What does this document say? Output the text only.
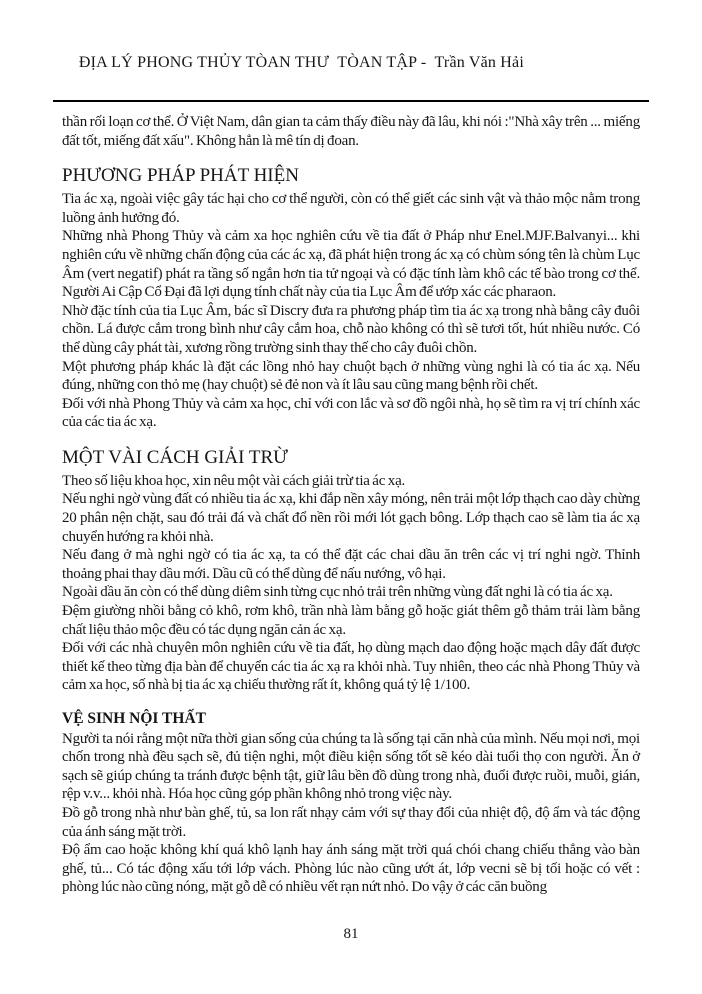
ĐỊA LÝ PHONG THỦY TÒAN THƯ  TÒAN TẬP -  Trần Văn Hải

thần rối loạn cơ thể. Ở Việt Nam, dân gian ta cảm thấy điều này đã lâu, khi nói :"Nhà xây trên ... miếng đất tốt, miếng đất xấu". Không hẳn là mê tín dị đoan.

PHƯƠNG PHÁP PHÁT HIỆN

Tia ác xạ, ngoài việc gây tác hại cho cơ thể người, còn có thể giết các sinh vật và thảo mộc nằm trong luồng ảnh hưởng đó.

Những nhà Phong Thủy và cảm xa học nghiên cứu về tia đất ở Pháp như Enel.MJF.Balvanyi... khi nghiên cứu về những chấn động của các ác xạ, đã phát hiện trong ác xạ có chùm sóng tên là chùm Lục Âm (vert negatif) phát ra tầng số ngắn hơn tia tử ngoại và có đặc tính làm khô các tế bào trong cơ thể. Người Ai Cập Cổ Đại đã lợi dụng tính chất này của tia Lục Âm để ướp xác các pharaon.

Nhờ đặc tính của tia Lục Âm, bác sĩ Discry đưa ra phương pháp tìm tia ác xạ trong nhà bằng cây đuôi chồn. Lá được cắm trong bình như cây cắm hoa, chỗ nào không có thì sẽ tươi tốt, hút nhiều nước. Có thể dùng cây phát tài, xương rồng trường sinh thay thế cho cây đuôi chồn.

Một phương pháp khác là đặt các lồng nhỏ hay chuột bạch ở những vùng nghi là có tia ác xạ. Nếu đúng, những con thỏ mẹ (hay chuột) sẻ đẻ non và ít lâu sau cũng mang bệnh rồi chết.

Đối với nhà Phong Thủy và cảm xa học, chỉ với con lắc và sơ đồ ngôi nhà, họ sẽ tìm ra vị trí chính xác của các tia ác xạ.

MỘT VÀI CÁCH GIẢI TRỪ

Theo số liệu khoa học, xin nêu một vài cách giải trừ tia ác xạ.

Nếu nghi ngờ vùng đất có nhiều tia ác xạ, khi đắp nền xây móng, nên trải một lớp thạch cao dày chừng 20 phân nện chặt, sau đó trải đá và chất đổ nền rồi mới lót gạch bông. Lớp thạch cao sẽ làm tia ác xạ chuyển hướng ra khỏi nhà.

Nếu đang ở mà nghi ngờ có tia ác xạ, ta có thể đặt các chai dầu ăn trên các vị trí nghi ngờ. Thỉnh thoảng phai thay dầu mới. Dầu cũ có thể dùng để nấu nướng, vô hại.

Ngoài dầu ăn còn có thể dùng diêm sinh từng cục nhỏ trải trên những vùng đất nghi là có tia ác xạ.

Đệm giường nhồi bằng cỏ khô, rơm khô, trần nhà làm bằng gỗ hoặc giát thêm gỗ thảm trải làm bằng chất liệu thảo mộc đều có tác dụng ngăn cản ác xạ.

Đối với các nhà chuyên môn nghiên cứu về tia đất, họ dùng mạch dao động hoặc mạch dây đất được thiết kế theo từng địa bàn để chuyển các tia ác xạ ra khỏi nhà. Tuy nhiên, theo các nhà Phong Thủy và cảm xa học, số nhà bị tia ác xạ chiếu thường rất ít, không quá tỷ lệ 1/100.

VỆ SINH NỘI THẤT

Người ta nói rằng một nữa thời gian sống của chúng ta là sống tại căn nhà của mình. Nếu mọi nơi, mọi chốn trong nhà đều sạch sẽ, đủ tiện nghi, một điều kiện sống tốt sẽ kéo dài tuổi thọ con người. Ăn ở sạch sẽ giúp chúng ta tránh được bệnh tật, giữ lâu bền đồ dùng trong nhà, đuổi được ruồi, muỗi, gián, rệp v.v... khỏi nhà. Hóa học cũng góp phần không nhỏ trong việc này.

Đồ gỗ trong nhà như bàn ghế, tủ, sa lon rất nhạy cảm với sự thay đổi của nhiệt độ, độ ẩm và tác động của ánh sáng mặt trời.

Độ ẩm cao hoặc không khí quá khô lạnh hay ánh sáng mặt trời quá chói chang chiếu thẳng vào bàn ghế, tủ... Có tác động xấu tới lớp vách. Phòng lúc nào cũng ướt át, lớp vecni sẽ bị tối hoặc có vết : phòng lúc nào cũng nóng, mặt gỗ dễ có nhiều vết rạn nứt nhỏ. Do vậy ở các căn buồng

81
